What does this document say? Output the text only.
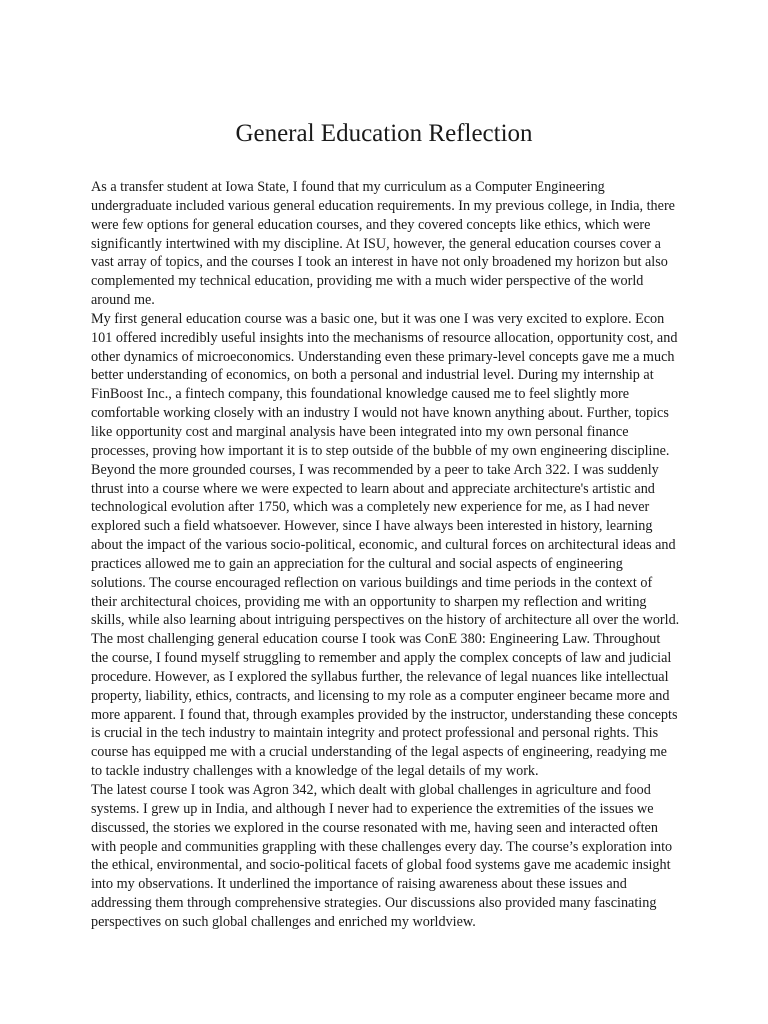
General Education Reflection

As a transfer student at Iowa State, I found that my curriculum as a Computer Engineering undergraduate included various general education requirements. In my previous college, in India, there were few options for general education courses, and they covered concepts like ethics, which were significantly intertwined with my discipline. At ISU, however, the general education courses cover a vast array of topics, and the courses I took an interest in have not only broadened my horizon but also complemented my technical education, providing me with a much wider perspective of the world around me.

My first general education course was a basic one, but it was one I was very excited to explore. Econ 101 offered incredibly useful insights into the mechanisms of resource allocation, opportunity cost, and other dynamics of microeconomics. Understanding even these primary-level concepts gave me a much better understanding of economics, on both a personal and industrial level. During my internship at FinBoost Inc., a fintech company, this foundational knowledge caused me to feel slightly more comfortable working closely with an industry I would not have known anything about. Further, topics like opportunity cost and marginal analysis have been integrated into my own personal finance processes, proving how important it is to step outside of the bubble of my own engineering discipline.

Beyond the more grounded courses, I was recommended by a peer to take Arch 322. I was suddenly thrust into a course where we were expected to learn about and appreciate architecture's artistic and technological evolution after 1750, which was a completely new experience for me, as I had never explored such a field whatsoever. However, since I have always been interested in history, learning about the impact of the various socio-political, economic, and cultural forces on architectural ideas and practices allowed me to gain an appreciation for the cultural and social aspects of engineering solutions. The course encouraged reflection on various buildings and time periods in the context of their architectural choices, providing me with an opportunity to sharpen my reflection and writing skills, while also learning about intriguing perspectives on the history of architecture all over the world.

The most challenging general education course I took was ConE 380: Engineering Law. Throughout the course, I found myself struggling to remember and apply the complex concepts of law and judicial procedure. However, as I explored the syllabus further, the relevance of legal nuances like intellectual property, liability, ethics, contracts, and licensing to my role as a computer engineer became more and more apparent. I found that, through examples provided by the instructor, understanding these concepts is crucial in the tech industry to maintain integrity and protect professional and personal rights. This course has equipped me with a crucial understanding of the legal aspects of engineering, readying me to tackle industry challenges with a knowledge of the legal details of my work.

The latest course I took was Agron 342, which dealt with global challenges in agriculture and food systems. I grew up in India, and although I never had to experience the extremities of the issues we discussed, the stories we explored in the course resonated with me, having seen and interacted often with people and communities grappling with these challenges every day. The course’s exploration into the ethical, environmental, and socio-political facets of global food systems gave me academic insight into my observations. It underlined the importance of raising awareness about these issues and addressing them through comprehensive strategies. Our discussions also provided many fascinating perspectives on such global challenges and enriched my worldview.
